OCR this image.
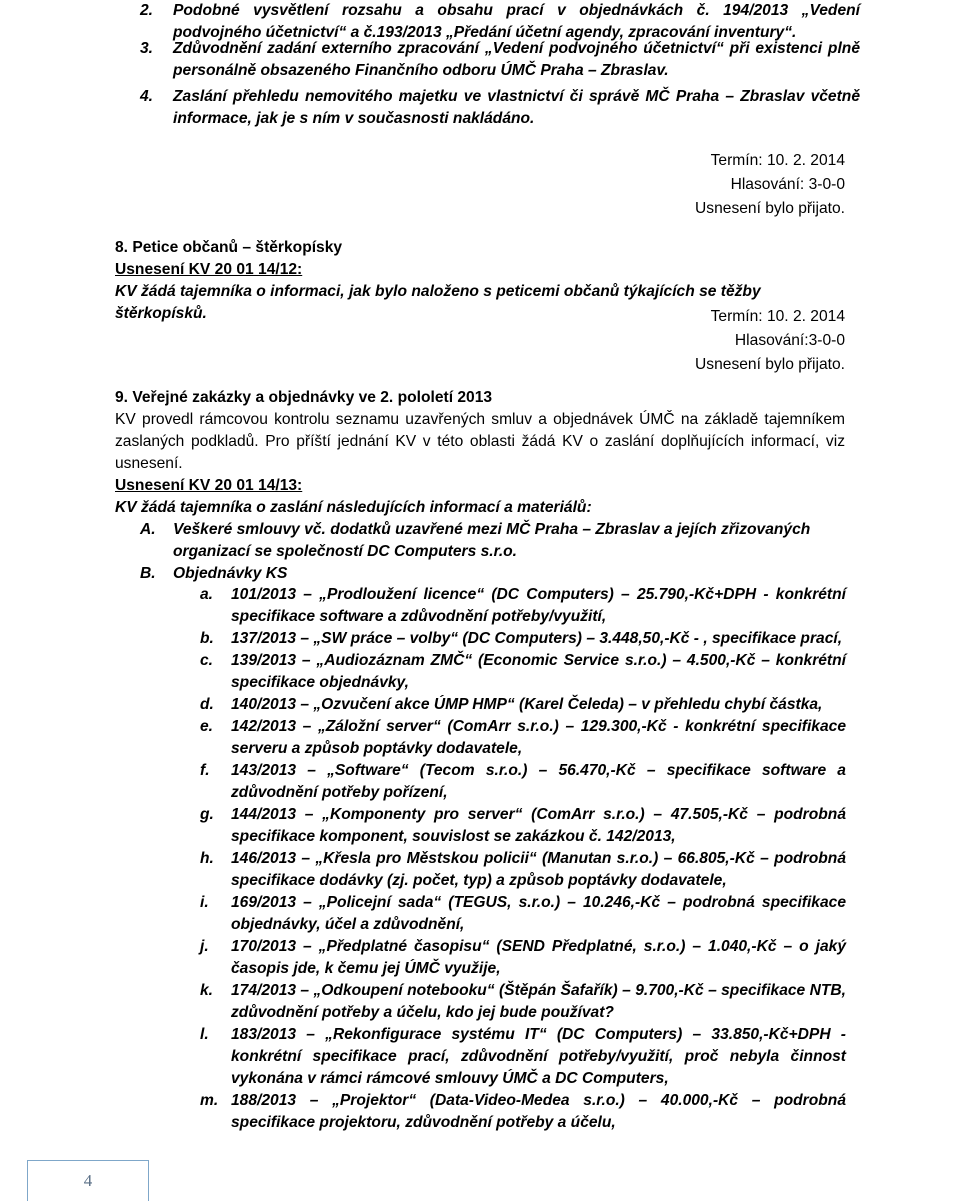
2. Podobné vysvětlení rozsahu a obsahu prací v objednávkách č. 194/2013 „Vedení podvojného účetnictví“ a č.193/2013 „Předání účetní agendy, zpracování inventury“.
3. Zdůvodnění zadání externího zpracování „Vedení podvojného účetnictví“ při existenci plně personálně obsazeného Finančního odboru ÚMČ Praha – Zbraslav.
4. Zaslání přehledu nemovitého majetku ve vlastnictví či správě MČ Praha – Zbraslav včetně informace, jak je s ním v současnosti nakládáno.
Termín: 10. 2. 2014
Hlasování: 3-0-0
Usnesení bylo přijato.

8. Petice občanů – štěrkopísky

Usnesení KV 20 01 14/12:

KV žádá tajemníka o informaci, jak bylo naloženo s peticemi občanů týkajících se těžby štěrkopísků.	Termín: 10. 2. 2014
Hlasování:3-0-0
Usnesení bylo přijato.

9. Veřejné zakázky a objednávky ve 2. pololetí 2013

KV provedl rámcovou kontrolu seznamu uzavřených smluv a objednávek ÚMČ na základě tajemníkem zaslaných podkladů. Pro příští jednání KV v této oblasti žádá KV o zaslání doplňujících informací, viz usnesení.

Usnesení KV 20 01 14/13:

KV žádá tajemníka o zaslání následujících informací a materiálů:

A. Veškeré smlouvy vč. dodatků uzavřené mezi MČ Praha – Zbraslav a jejích zřizovaných organizací se společností DC Computers s.r.o.
B. Objednávky KS
a. 101/2013 – „Prodloužení licence“ (DC Computers) – 25.790,-Kč+DPH - konkrétní specifikace software a zdůvodnění potřeby/využití,
b. 137/2013 – „SW práce – volby“ (DC Computers) – 3.448,50,-Kč - , specifikace prací,
c. 139/2013 – „Audiozáznam ZMČ“ (Economic Service s.r.o.) – 4.500,-Kč – konkrétní specifikace objednávky,
d. 140/2013 – „Ozvučení akce ÚMP HMP“ (Karel Čeleda) – v přehledu chybí částka,
e. 142/2013 – „Záložní server“ (ComArr s.r.o.) – 129.300,-Kč - konkrétní specifikace serveru a způsob poptávky dodavatele,
f. 143/2013 – „Software“ (Tecom s.r.o.) – 56.470,-Kč – specifikace software a zdůvodnění potřeby pořízení,
g. 144/2013 – „Komponenty pro server“ (ComArr s.r.o.) – 47.505,-Kč – podrobná specifikace komponent, souvislost se zakázkou č. 142/2013,
h. 146/2013 – „Křesla pro Městskou policii“ (Manutan s.r.o.) – 66.805,-Kč – podrobná specifikace dodávky (zj. počet, typ) a způsob poptávky dodavatele,
i. 169/2013 – „Policejní sada“ (TEGUS, s.r.o.) – 10.246,-Kč – podrobná specifikace objednávky, účel a zdůvodnění,
j. 170/2013 – „Předplatné časopisu“ (SEND Předplatné, s.r.o.) – 1.040,-Kč – o jaký časopis jde, k čemu jej ÚMČ využije,
k. 174/2013 – „Odkoupení notebooku“ (Štěpán Šafařík) – 9.700,-Kč – specifikace NTB, zdůvodnění potřeby a účelu, kdo jej bude používat?
l. 183/2013 – „Rekonfigurace systému IT“ (DC Computers) – 33.850,-Kč+DPH - konkrétní specifikace prací, zdůvodnění potřeby/využití, proč nebyla činnost vykonána v rámci rámcové smlouvy ÚMČ a DC Computers,
m. 188/2013 – „Projektor“ (Data-Video-Medea s.r.o.) – 40.000,-Kč – podrobná specifikace projektoru, zdůvodnění potřeby a účelu,
4
